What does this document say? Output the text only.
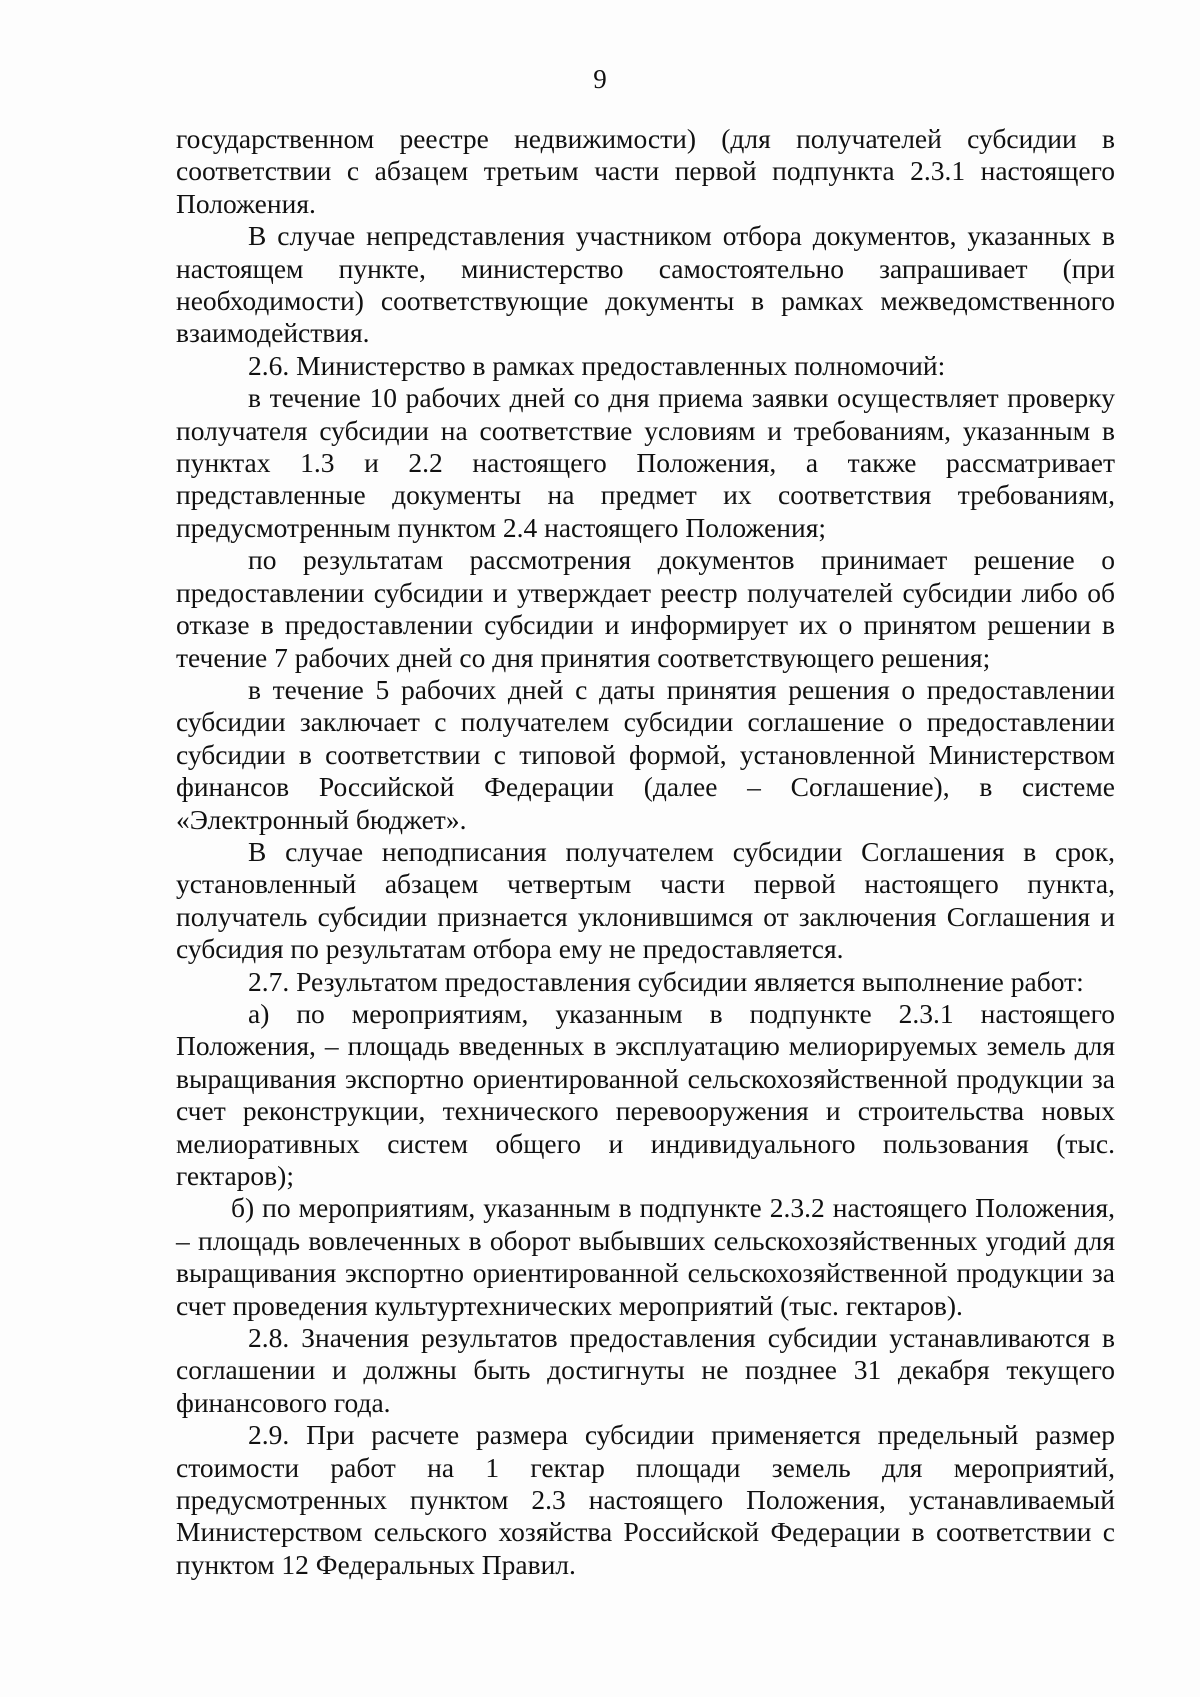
9

государственном реестре недвижимости) (для получателей субсидии в соответствии с абзацем третьим части первой подпункта 2.3.1 настоящего Положения.

В случае непредставления участником отбора документов, указанных в настоящем пункте, министерство самостоятельно запрашивает (при необходимости) соответствующие документы в рамках межведомственного взаимодействия.

2.6. Министерство в рамках предоставленных полномочий:

в течение 10 рабочих дней со дня приема заявки осуществляет проверку получателя субсидии на соответствие условиям и требованиям, указанным в пунктах 1.3 и 2.2 настоящего Положения, а также рассматривает представленные документы на предмет их соответствия требованиям, предусмотренным пунктом 2.4 настоящего Положения;

по результатам рассмотрения документов принимает решение о предоставлении субсидии и утверждает реестр получателей субсидии либо об отказе в предоставлении субсидии и информирует их о принятом решении в течение 7 рабочих дней со дня принятия соответствующего решения;

в течение 5 рабочих дней с даты принятия решения о предоставлении субсидии заключает с получателем субсидии соглашение о предоставлении субсидии в соответствии с типовой формой, установленной Министерством финансов Российской Федерации (далее – Соглашение), в системе «Электронный бюджет».

В случае неподписания получателем субсидии Соглашения в срок, установленный абзацем четвертым части первой настоящего пункта, получатель субсидии признается уклонившимся от заключения Соглашения и субсидия по результатам отбора ему не предоставляется.

2.7. Результатом предоставления субсидии является выполнение работ:

а) по мероприятиям, указанным в подпункте 2.3.1 настоящего Положения, – площадь введенных в эксплуатацию мелиорируемых земель для выращивания экспортно ориентированной сельскохозяйственной продукции за счет реконструкции, технического перевооружения и строительства новых мелиоративных систем общего и индивидуального пользования (тыс. гектаров);

б) по мероприятиям, указанным в подпункте 2.3.2 настоящего Положения, – площадь вовлеченных в оборот выбывших сельскохозяйственных угодий для выращивания экспортно ориентированной сельскохозяйственной продукции за счет проведения культуртехнических мероприятий (тыс. гектаров).

2.8. Значения результатов предоставления субсидии устанавливаются в соглашении и должны быть достигнуты не позднее 31 декабря текущего финансового года.

2.9. При расчете размера субсидии применяется предельный размер стоимости работ на 1 гектар площади земель для мероприятий, предусмотренных пунктом 2.3 настоящего Положения, устанавливаемый Министерством сельского хозяйства Российской Федерации в соответствии с пунктом 12 Федеральных Правил.
